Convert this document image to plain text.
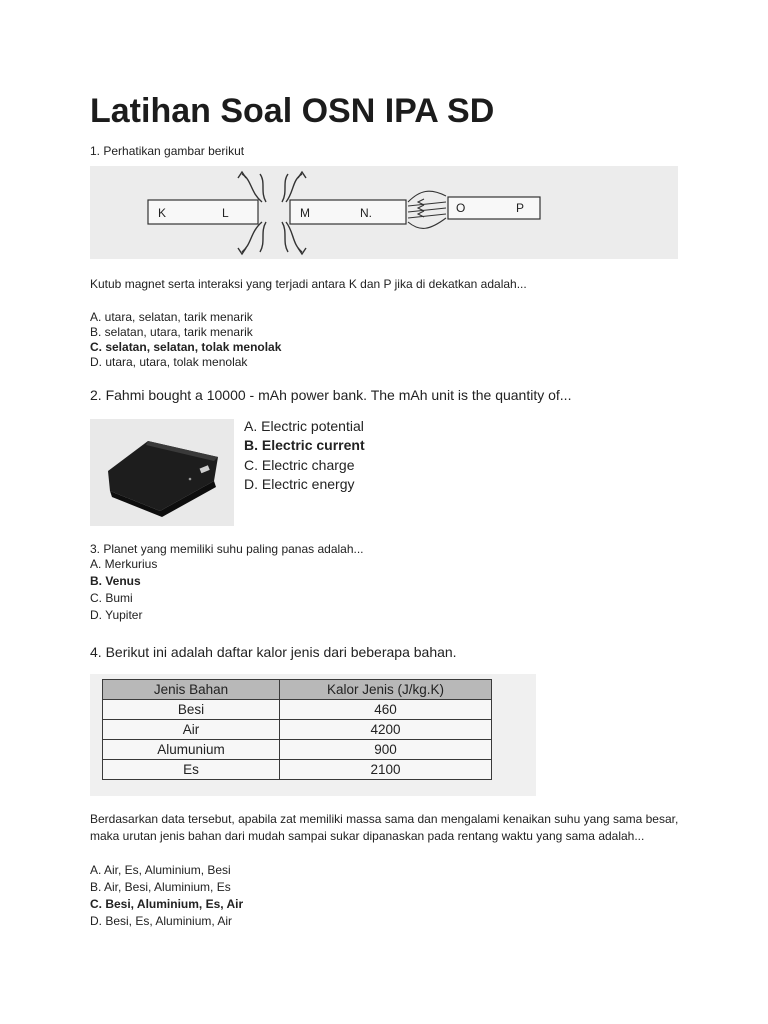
Latihan Soal OSN IPA SD
1. Perhatikan gambar berikut
K	L	M	N.	O	P
Kutub magnet serta interaksi yang terjadi antara K dan P jika di dekatkan adalah...
A. utara, selatan, tarik menarik
B. selatan, utara, tarik menarik
C. selatan, selatan, tolak menolak
D. utara, utara, tolak menolak
2. Fahmi bought a 10000 - mAh power bank. The mAh unit is the quantity of...
A. Electric potential
B. Electric current
C. Electric charge
D. Electric energy
3. Planet yang memiliki suhu paling panas adalah...
A. Merkurius
B. Venus
C. Bumi
D. Yupiter
4. Berikut ini adalah daftar kalor jenis dari beberapa bahan.
Jenis Bahan	Kalor Jenis (J/kg.K)
Besi	460
Air	4200
Alumunium	900
Es	2100
Berdasarkan data tersebut, apabila zat memiliki massa sama dan mengalami kenaikan suhu yang sama besar, maka urutan jenis bahan dari mudah sampai sukar dipanaskan pada rentang waktu yang sama adalah...
A. Air, Es, Aluminium, Besi
B. Air, Besi, Aluminium, Es
C. Besi, Aluminium, Es, Air
D. Besi, Es, Aluminium, Air
